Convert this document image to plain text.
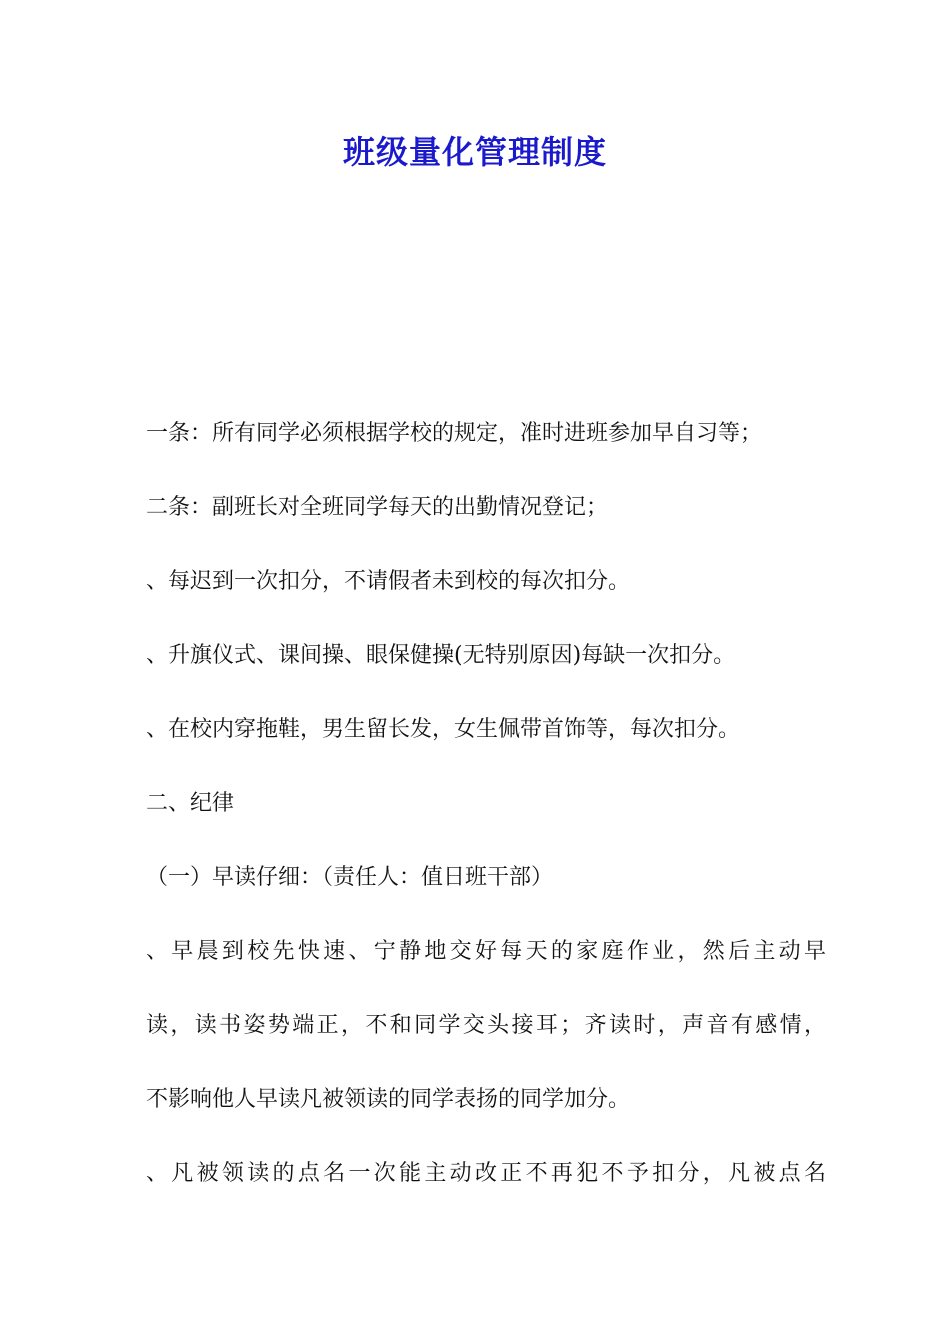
班级量化管理制度
一条：所有同学必须根据学校的规定，准时进班参加早自习等；
二条：副班长对全班同学每天的出勤情况登记；
、每迟到一次扣分，不请假者未到校的每次扣分。
、升旗仪式、课间操、眼保健操(无特别原因)每缺一次扣分。
、在校内穿拖鞋，男生留长发，女生佩带首饰等，每次扣分。
二、纪律
（一）早读仔细：（责任人：值日班干部）
、早晨到校先快速、宁静地交好每天的家庭作业，然后主动早
读，读书姿势端正，不和同学交头接耳；齐读时，声音有感情，
不影响他人早读凡被领读的同学表扬的同学加分。
、凡被领读的点名一次能主动改正不再犯不予扣分，凡被点名
